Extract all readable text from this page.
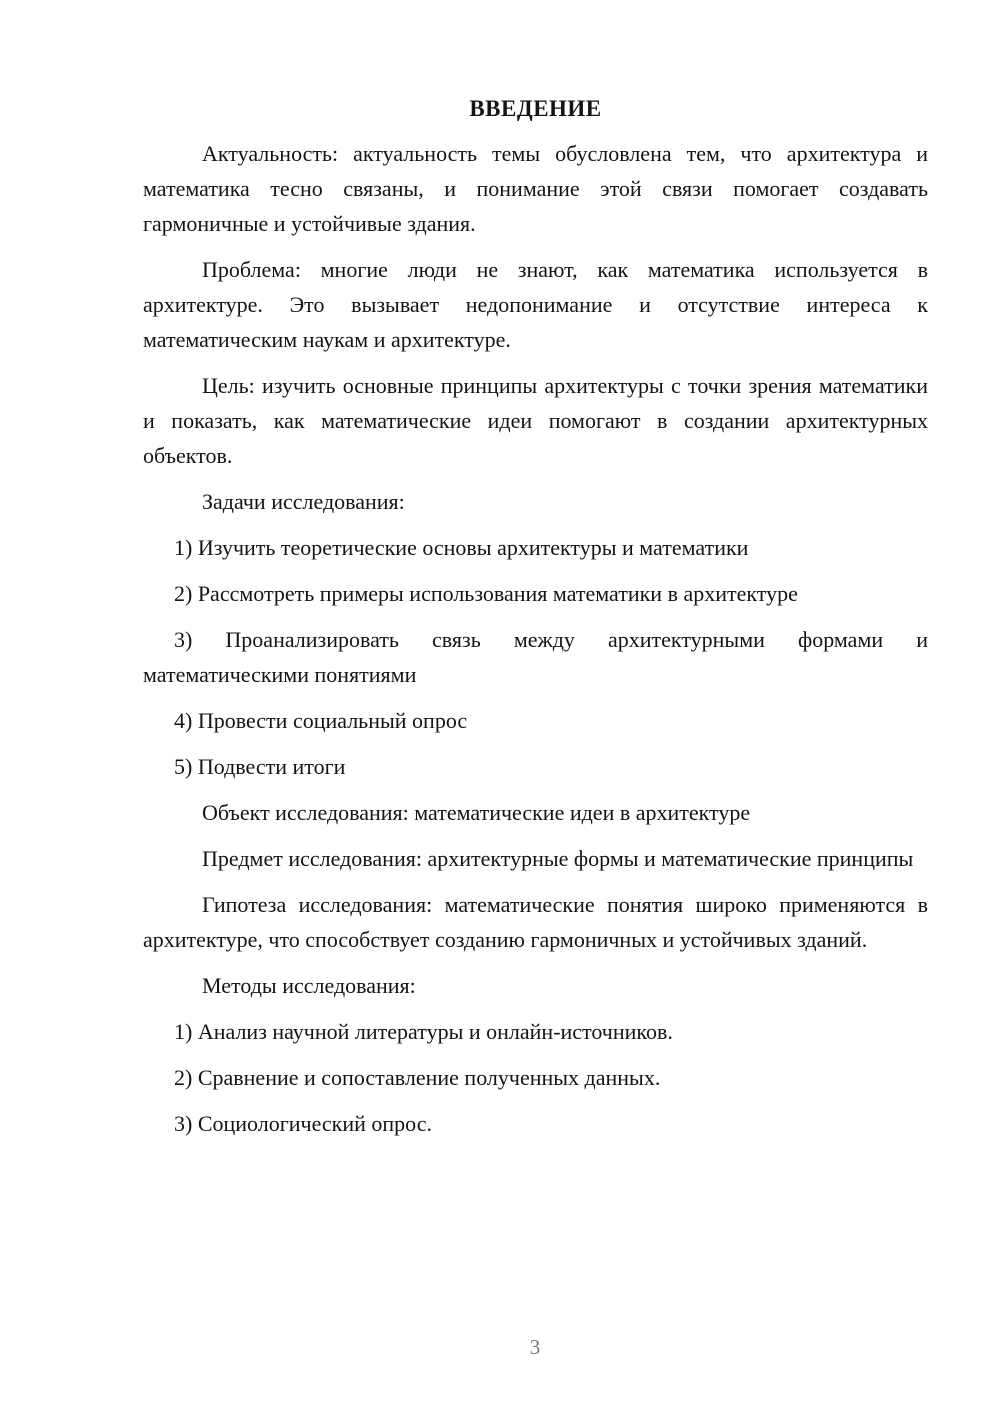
ВВЕДЕНИЕ

Актуальность: актуальность темы обусловлена тем, что архитектура и математика тесно связаны, и понимание этой связи помогает создавать гармоничные и устойчивые здания.

Проблема: многие люди не знают, как математика используется в архитектуре. Это вызывает недопонимание и отсутствие интереса к математическим наукам и архитектуре.

Цель: изучить основные принципы архитектуры с точки зрения математики и показать, как математические идеи помогают в создании архитектурных объектов.

Задачи исследования:

1) Изучить теоретические основы архитектуры и математики

2) Рассмотреть примеры использования математики в архитектуре

3) Проанализировать связь между архитектурными формами и математическими понятиями

4) Провести социальный опрос

5) Подвести итоги

Объект исследования: математические идеи в архитектуре

Предмет исследования: архитектурные формы и математические принципы

Гипотеза исследования: математические понятия широко применяются в архитектуре, что способствует созданию гармоничных и устойчивых зданий.

Методы исследования:

1) Анализ научной литературы и онлайн-источников.

2) Сравнение и сопоставление полученных данных.

3) Социологический опрос.

3
